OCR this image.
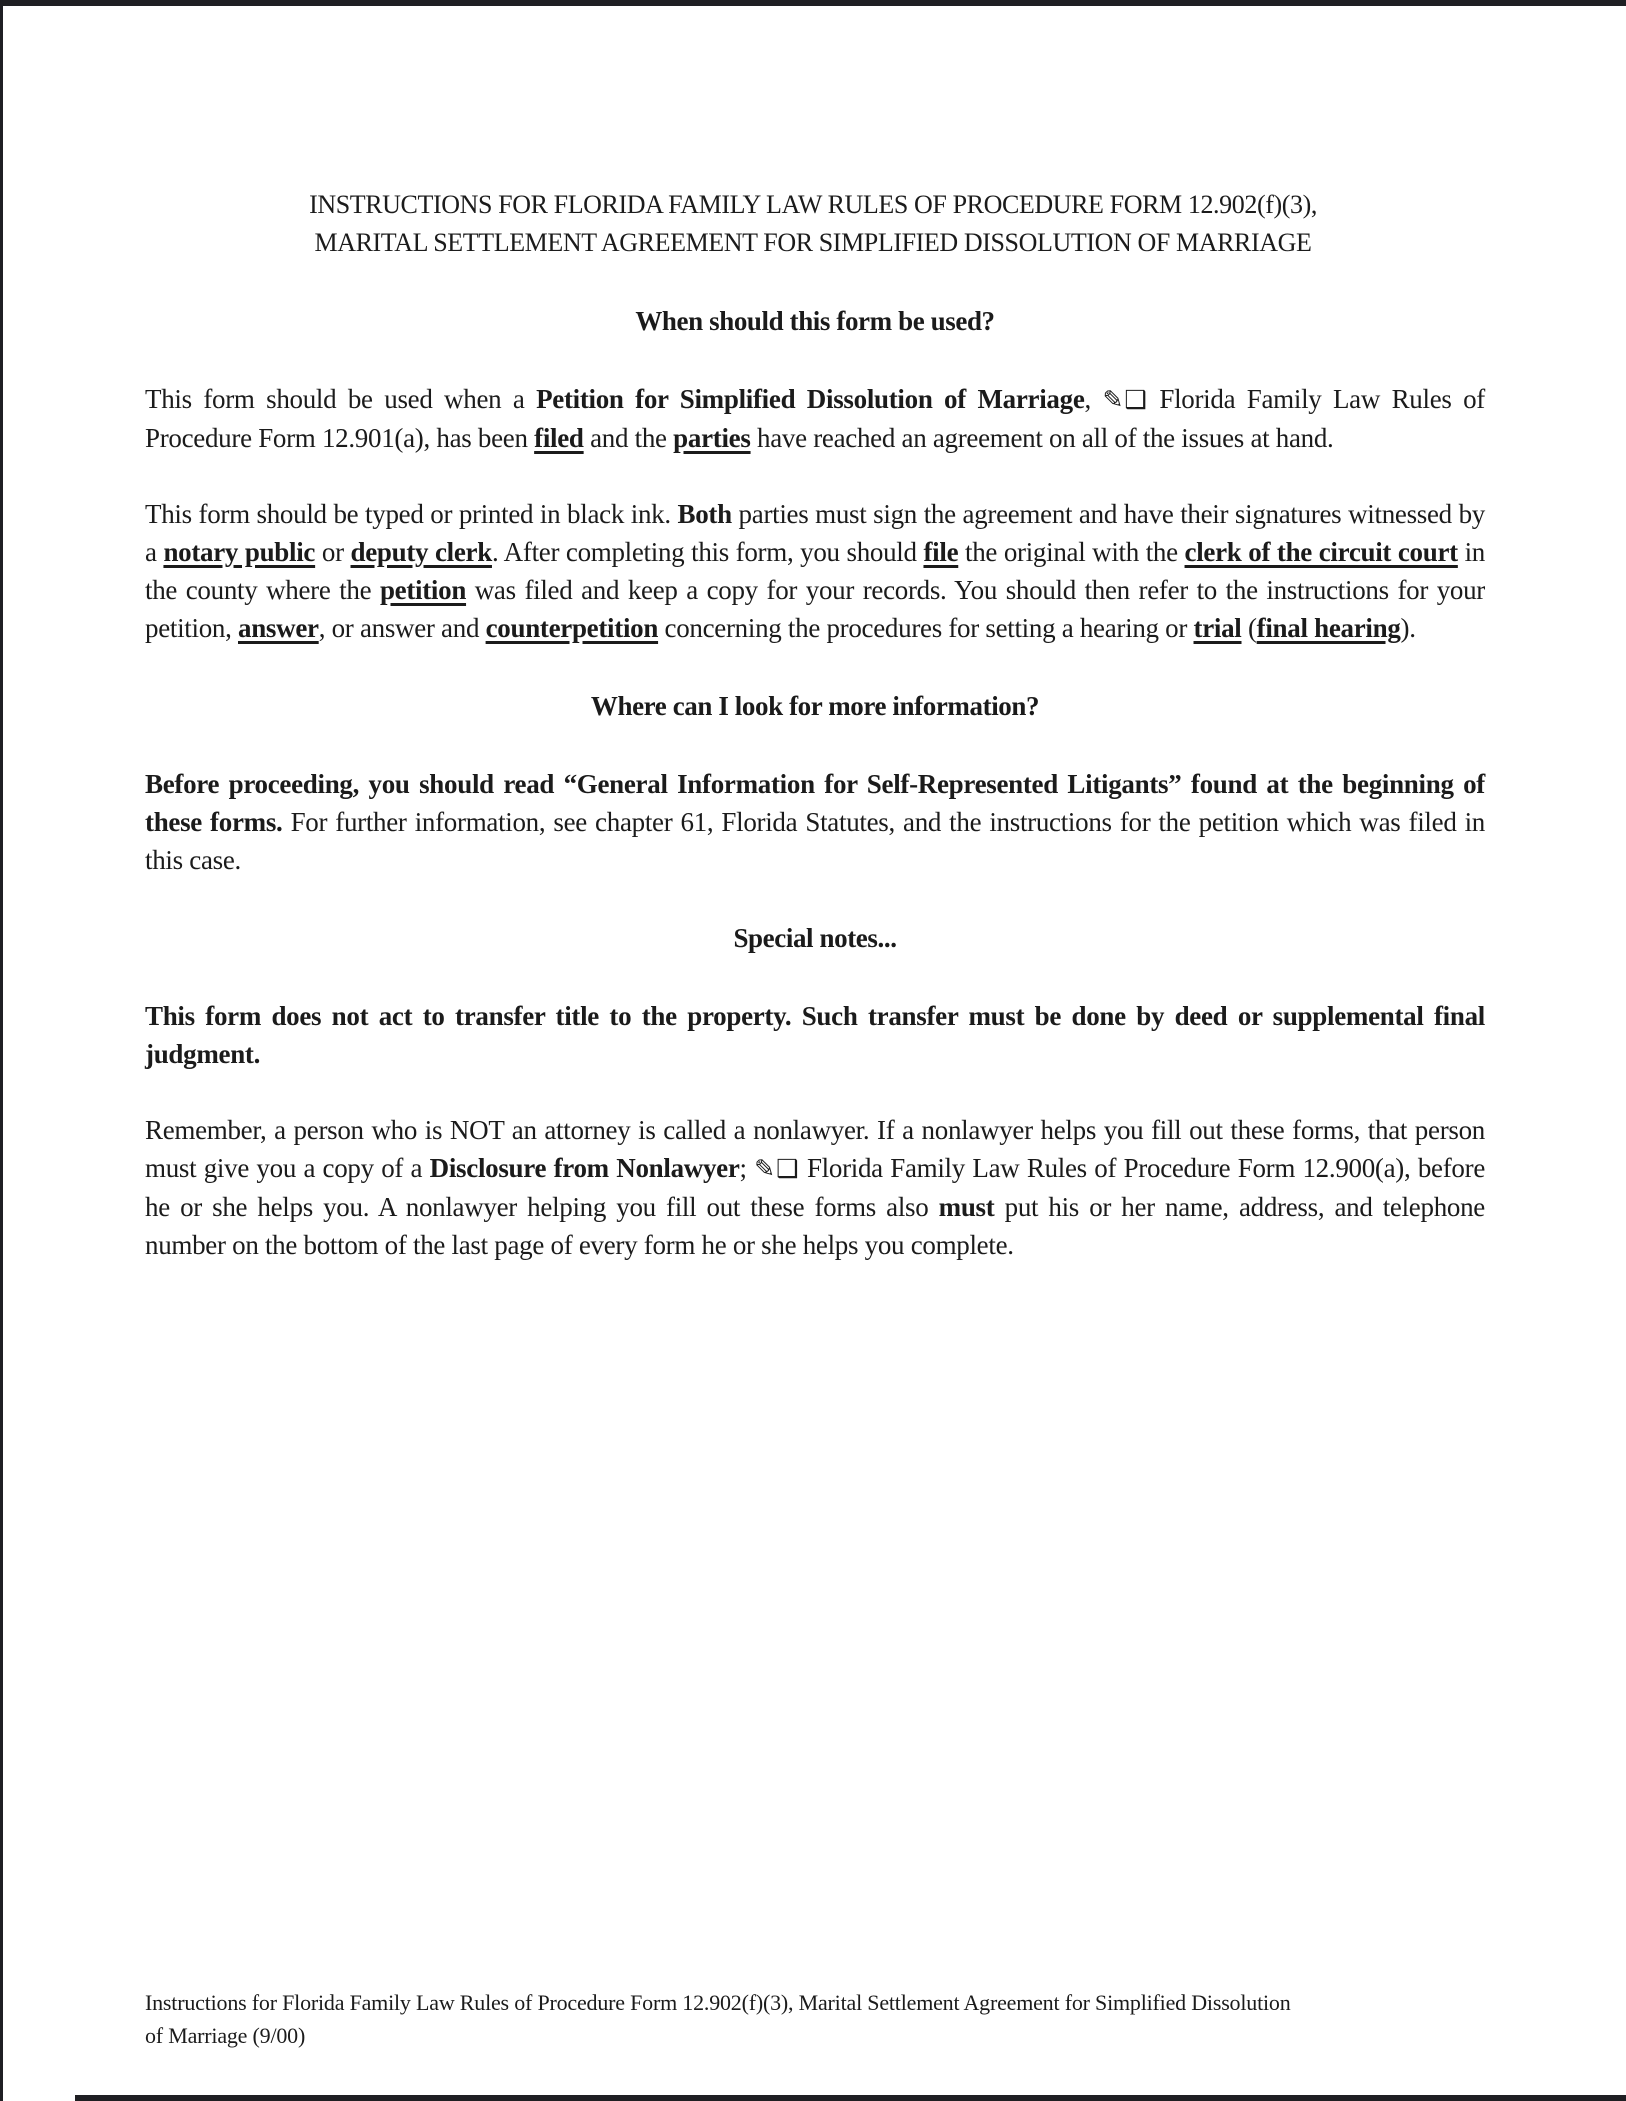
INSTRUCTIONS FOR FLORIDA FAMILY LAW RULES OF PROCEDURE FORM 12.902(f)(3),
MARITAL SETTLEMENT AGREEMENT FOR SIMPLIFIED DISSOLUTION OF MARRIAGE
When should this form be used?

This form should be used when a Petition for Simplified Dissolution of Marriage, ✎❑ Florida Family Law Rules of Procedure Form 12.901(a), has been filed and the parties have reached an agreement on all of the issues at hand.

This form should be typed or printed in black ink. Both parties must sign the agreement and have their signatures witnessed by a notary public or deputy clerk. After completing this form, you should file the original with the clerk of the circuit court in the county where the petition was filed and keep a copy for your records. You should then refer to the instructions for your petition, answer, or answer and counterpetition concerning the procedures for setting a hearing or trial (final hearing).

Where can I look for more information?

Before proceeding, you should read “General Information for Self-Represented Litigants” found at the beginning of these forms. For further information, see chapter 61, Florida Statutes, and the instructions for the petition which was filed in this case.

Special notes...

This form does not act to transfer title to the property. Such transfer must be done by deed or supplemental final judgment.

Remember, a person who is NOT an attorney is called a nonlawyer. If a nonlawyer helps you fill out these forms, that person must give you a copy of a Disclosure from Nonlawyer; ✎❑ Florida Family Law Rules of Procedure Form 12.900(a), before he or she helps you. A nonlawyer helping you fill out these forms also must put his or her name, address, and telephone number on the bottom of the last page of every form he or she helps you complete.

Instructions for Florida Family Law Rules of Procedure Form 12.902(f)(3), Marital Settlement Agreement for Simplified Dissolution
of Marriage (9/00)
